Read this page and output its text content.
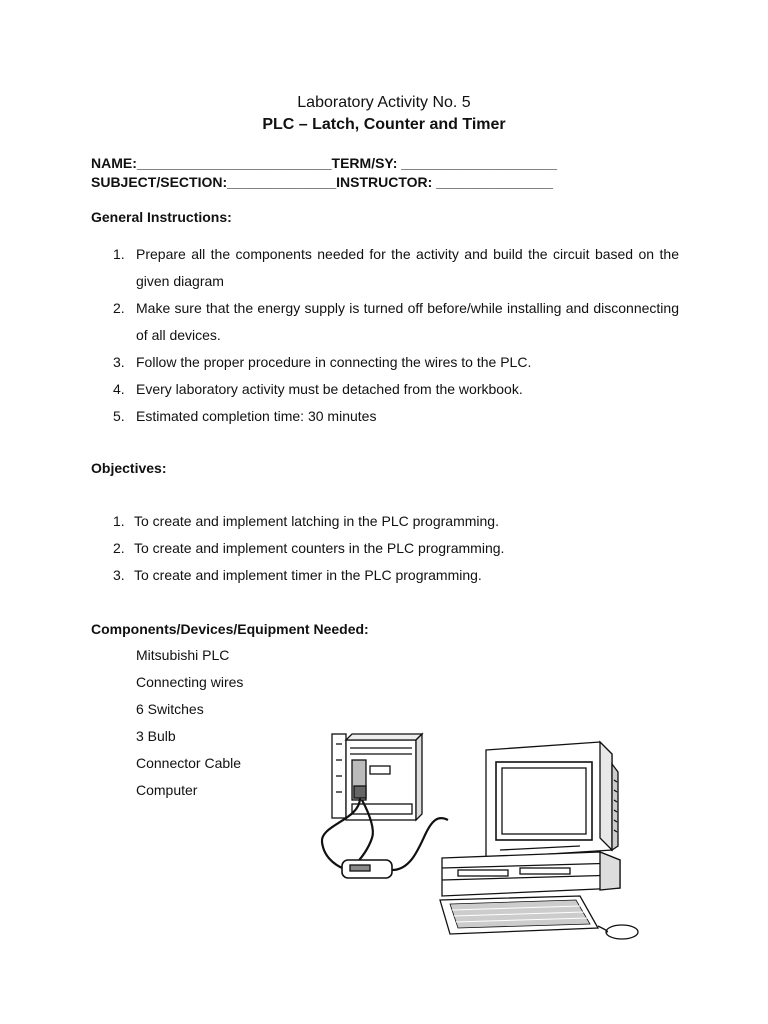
Laboratory Activity No. 5
PLC – Latch, Counter and Timer
NAME:_________________________TERM/SY: ____________________
SUBJECT/SECTION:______________INSTRUCTOR: _______________
General Instructions:
1. Prepare all the components needed for the activity and build the circuit based on the given diagram
2. Make sure that the energy supply is turned off before/while installing and disconnecting of all devices.
3. Follow the proper procedure in connecting the wires to the PLC.
4. Every laboratory activity must be detached from the workbook.
5. Estimated completion time: 30 minutes
Objectives:
1. To create and implement latching in the PLC programming.
2. To create and implement counters in the PLC programming.
3. To create and implement timer in the PLC programming.
Components/Devices/Equipment Needed:
Mitsubishi PLC
Connecting wires
6 Switches
3 Bulb
Connector Cable
Computer
